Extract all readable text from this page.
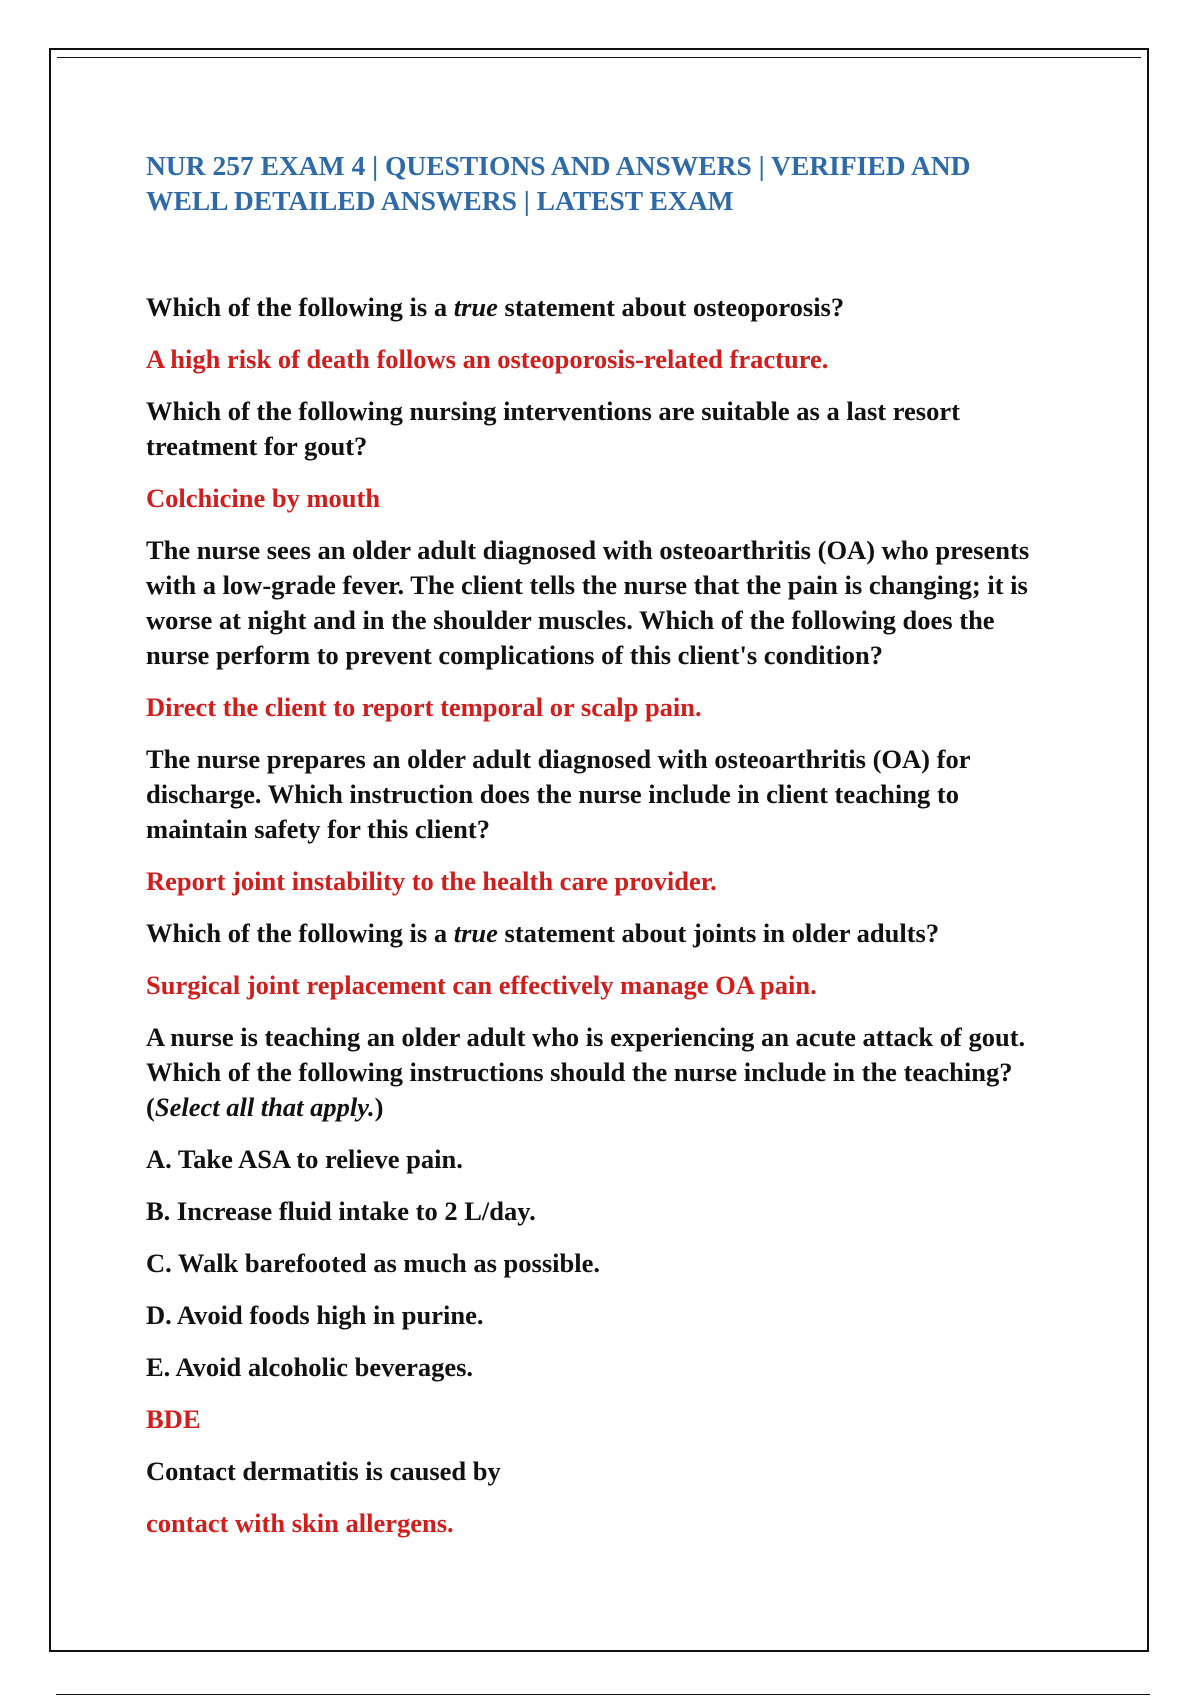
NUR 257 EXAM 4 | QUESTIONS AND ANSWERS | VERIFIED AND WELL DETAILED ANSWERS | LATEST EXAM

Which of the following is a true statement about osteoporosis?

A high risk of death follows an osteoporosis-related fracture.

Which of the following nursing interventions are suitable as a last resort treatment for gout?

Colchicine by mouth

The nurse sees an older adult diagnosed with osteoarthritis (OA) who presents with a low-grade fever. The client tells the nurse that the pain is changing; it is worse at night and in the shoulder muscles. Which of the following does the nurse perform to prevent complications of this client's condition?

Direct the client to report temporal or scalp pain.

The nurse prepares an older adult diagnosed with osteoarthritis (OA) for discharge. Which instruction does the nurse include in client teaching to maintain safety for this client?

Report joint instability to the health care provider.

Which of the following is a true statement about joints in older adults?

Surgical joint replacement can effectively manage OA pain.

A nurse is teaching an older adult who is experiencing an acute attack of gout. Which of the following instructions should the nurse include in the teaching? (Select all that apply.)

A. Take ASA to relieve pain.

B. Increase fluid intake to 2 L/day.

C. Walk barefooted as much as possible.

D. Avoid foods high in purine.

E. Avoid alcoholic beverages.

BDE

Contact dermatitis is caused by

contact with skin allergens.
